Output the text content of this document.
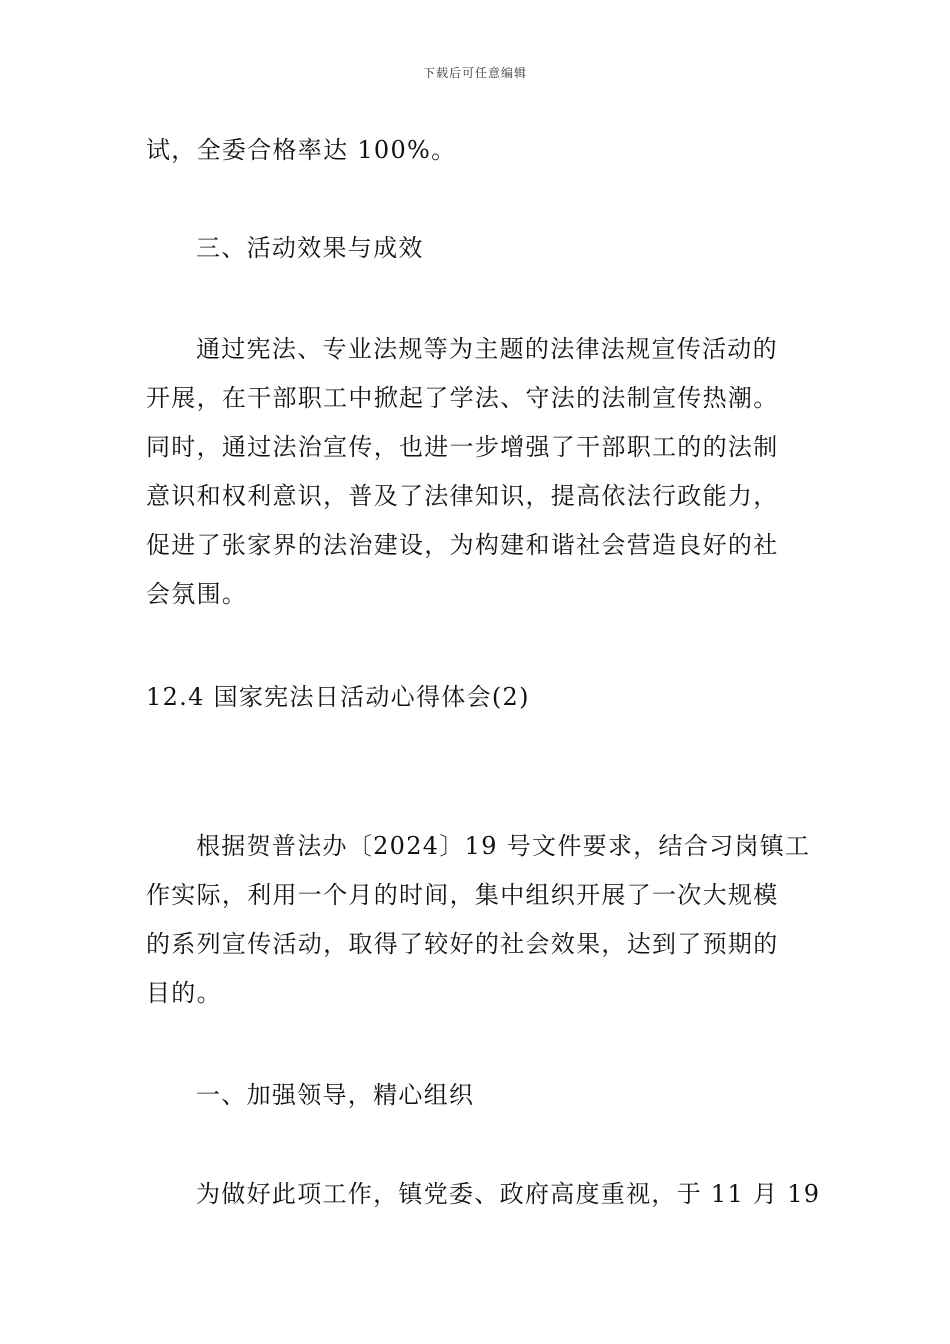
下载后可任意编辑
试，全委合格率达 100%。
三、活动效果与成效
通过宪法、专业法规等为主题的法律法规宣传活动的
开展，在干部职工中掀起了学法、守法的法制宣传热潮。
同时，通过法治宣传，也进一步增强了干部职工的的法制
意识和权利意识，普及了法律知识，提高依法行政能力，
促进了张家界的法治建设，为构建和谐社会营造良好的社
会氛围。
12.4 国家宪法日活动心得体会(2)
根据贺普法办〔2024〕19 号文件要求，结合习岗镇工
作实际，利用一个月的时间，集中组织开展了一次大规模
的系列宣传活动，取得了较好的社会效果，达到了预期的
目的。
一、加强领导，精心组织
为做好此项工作，镇党委、政府高度重视，于 11 月 19
